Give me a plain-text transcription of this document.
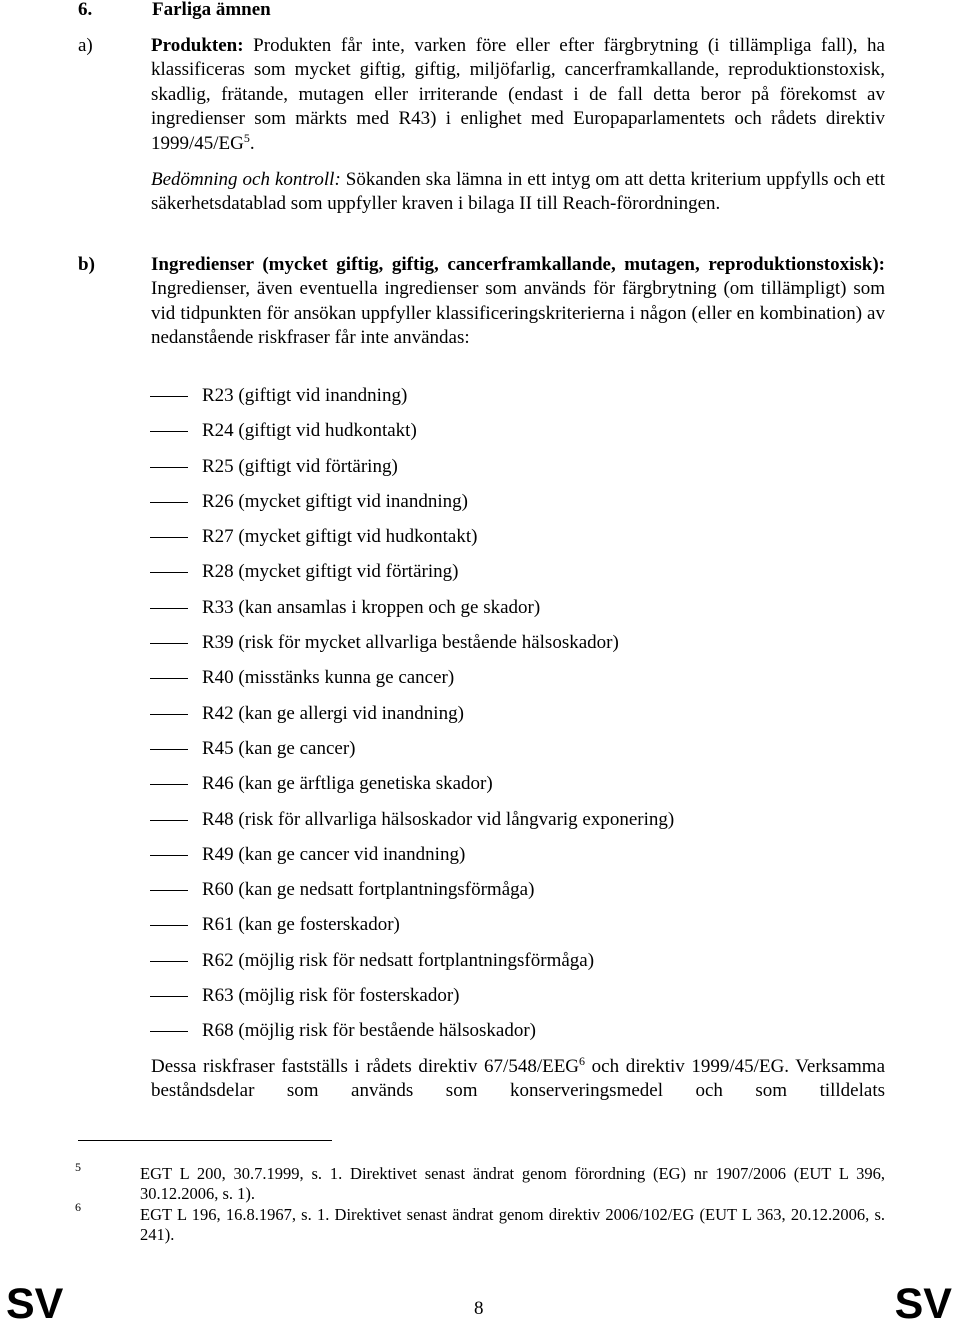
6.	Farliga ämnen
a)	Produkten: Produkten får inte, varken före eller efter färgbrytning (i tillämpliga fall), ha klassificeras som mycket giftig, giftig, miljöfarlig, cancerframkallande, reproduktionstoxisk, skadlig, frätande, mutagen eller irriterande (endast i de fall detta beror på förekomst av ingredienser som märkts med R43) i enlighet med Europaparlamentets och rådets direktiv $1999/45/EG^5$.
Bedömning och kontroll: Sökanden ska lämna in ett intyg om att detta kriterium uppfylls och ett säkerhetsdatablad som uppfyller kraven i bilaga II till Reach-förordningen.
b)	Ingredienser (mycket giftig, giftig, cancerframkallande, mutagen, reproduktionstoxisk): Ingredienser, även eventuella ingredienser som används för färgbrytning (om tillämpligt) som vid tidpunkten för ansökan uppfyller klassificeringskriterierna i någon (eller en kombination) av nedanstående riskfraser får inte användas:
R23 (giftigt vid inandning)
R24 (giftigt vid hudkontakt)
R25 (giftigt vid förtäring)
R26 (mycket giftigt vid inandning)
R27 (mycket giftigt vid hudkontakt)
R28 (mycket giftigt vid förtäring)
R33 (kan ansamlas i kroppen och ge skador)
R39 (risk för mycket allvarliga bestående hälsoskador)
R40 (misstänks kunna ge cancer)
R42 (kan ge allergi vid inandning)
R45 (kan ge cancer)
R46 (kan ge ärftliga genetiska skador)
R48 (risk för allvarliga hälsoskador vid långvarig exponering)
R49 (kan ge cancer vid inandning)
R60 (kan ge nedsatt fortplantningsförmåga)
R61 (kan ge fosterskador)
R62 (möjlig risk för nedsatt fortplantningsförmåga)
R63 (möjlig risk för fosterskador)
R68 (möjlig risk för bestående hälsoskador)
Dessa riskfraser fastställs i rådets direktiv 67/548/EEG$^6$ och direktiv 1999/45/EG. Verksamma beståndsdelar som används som konserveringsmedel och som tilldelats
5	EGT L 200, 30.7.1999, s. 1. Direktivet senast ändrat genom förordning (EG) nr 1907/2006 (EUT L 396, 30.12.2006, s. 1).
6	EGT L 196, 16.8.1967, s. 1. Direktivet senast ändrat genom direktiv 2006/102/EG (EUT L 363, 20.12.2006, s. 241).
SV	8	SV
